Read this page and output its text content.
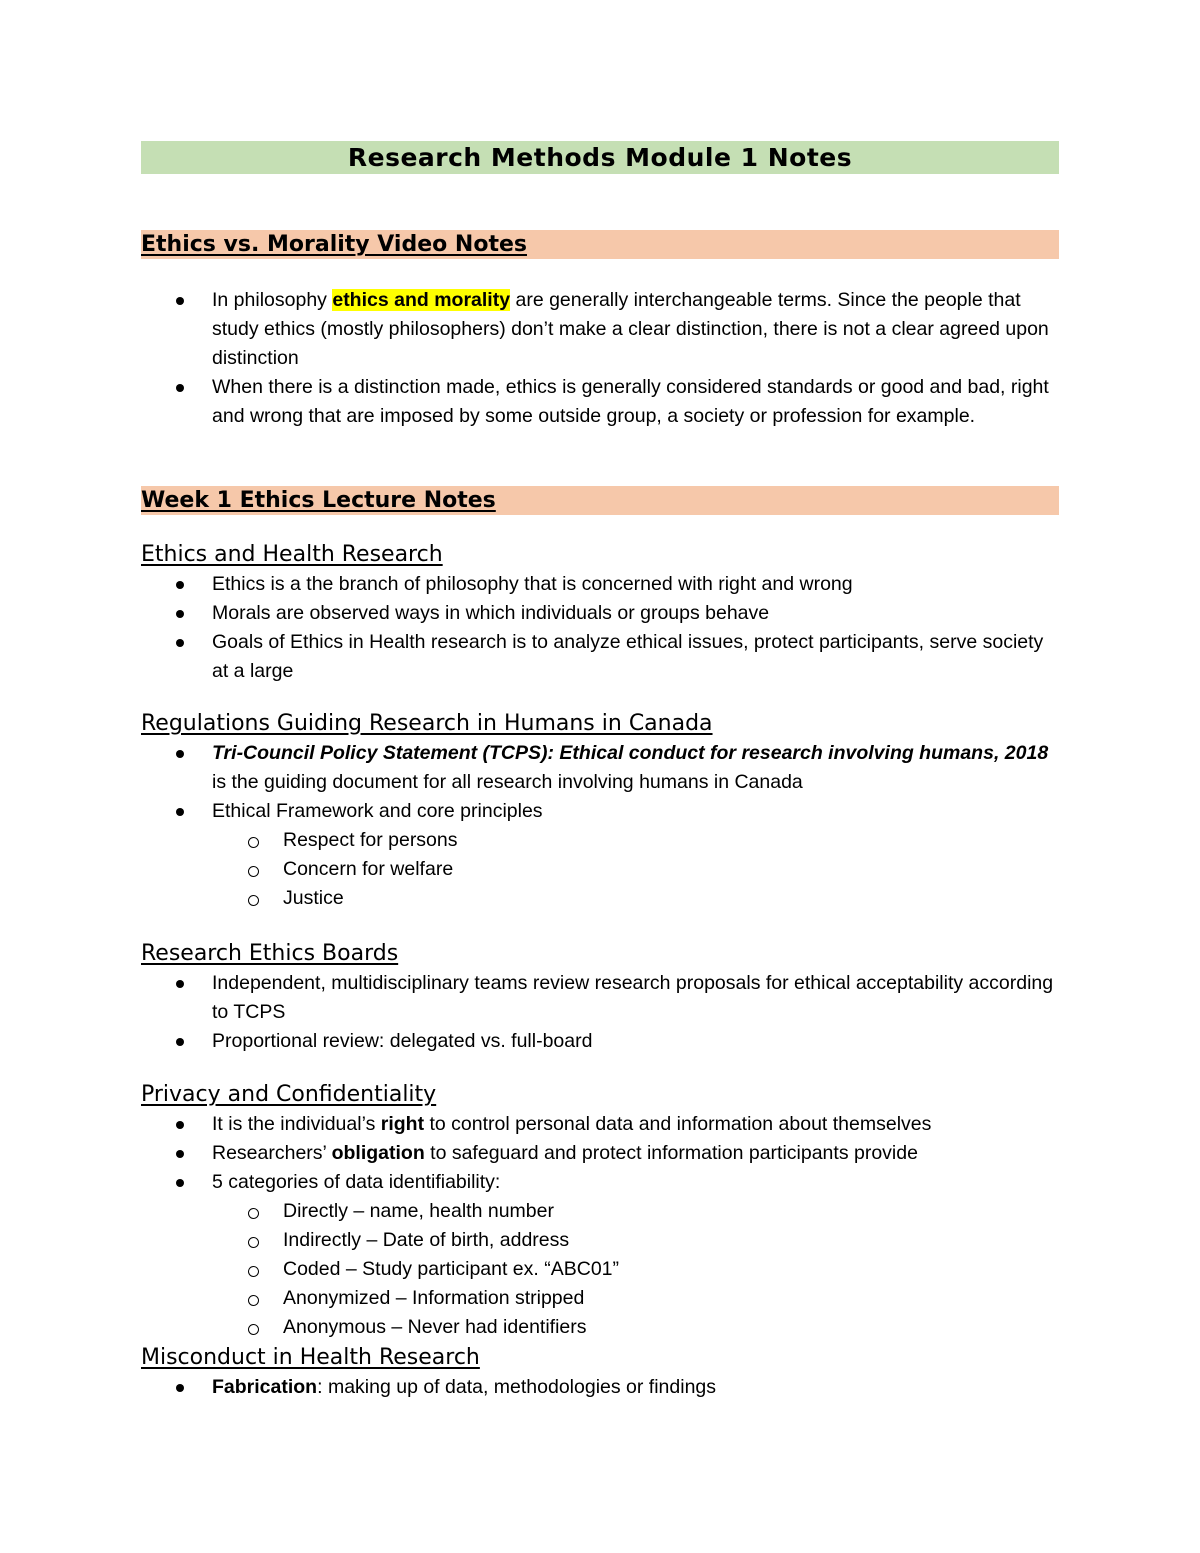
Research Methods Module 1 Notes
Ethics vs. Morality Video Notes
In philosophy ethics and morality are generally interchangeable terms. Since the people that study ethics (mostly philosophers) don’t make a clear distinction, there is not a clear agreed upon distinction
When there is a distinction made, ethics is generally considered standards or good and bad, right and wrong that are imposed by some outside group, a society or profession for example.
Week 1 Ethics Lecture Notes
Ethics and Health Research
Ethics is a the branch of philosophy that is concerned with right and wrong
Morals are observed ways in which individuals or groups behave
Goals of Ethics in Health research is to analyze ethical issues, protect participants, serve society at a large
Regulations Guiding Research in Humans in Canada
Tri-Council Policy Statement (TCPS): Ethical conduct for research involving humans, 2018 is the guiding document for all research involving humans in Canada
Ethical Framework and core principles
Respect for persons
Concern for welfare
Justice
Research Ethics Boards
Independent, multidisciplinary teams review research proposals for ethical acceptability according to TCPS
Proportional review: delegated vs. full-board
Privacy and Confidentiality
It is the individual’s right to control personal data and information about themselves
Researchers’ obligation to safeguard and protect information participants provide
5 categories of data identifiability:
Directly – name, health number
Indirectly – Date of birth, address
Coded – Study participant ex. “ABC01”
Anonymized – Information stripped
Anonymous – Never had identifiers
Misconduct in Health Research
Fabrication: making up of data, methodologies or findings
